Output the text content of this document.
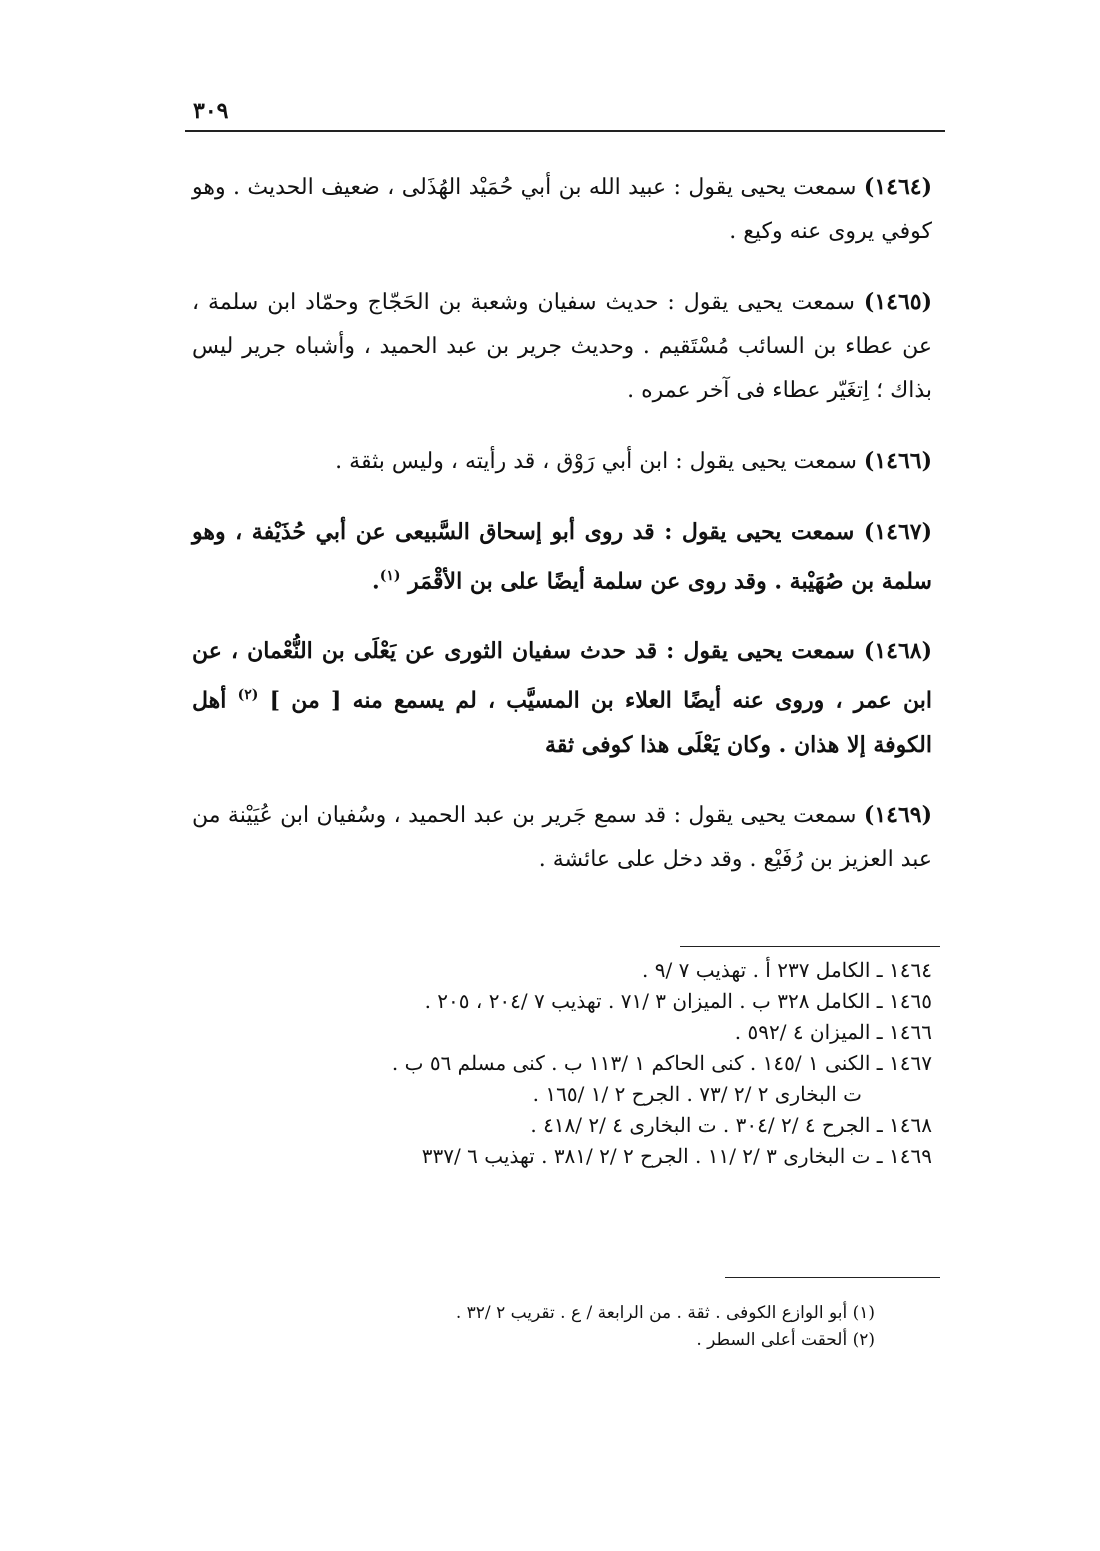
٣٠٩

(١٤٦٤) سمعت يحيى يقول : عبيد الله بن أبي حُمَيْد الهُذَلى ، ضعيف الحديث . وهو كوفي يروى عنه وكيع .

(١٤٦٥) سمعت يحيى يقول : حديث سفيان وشعبة بن الحَجّاج وحمّاد ابن سلمة ، عن عطاء بن السائب مُسْتَقيم . وحديث جرير بن عبد الحميد ، وأشباه جرير ليس بذاك ؛ اِتغَيّر عطاء فى آخر عمره .

(١٤٦٦) سمعت يحيى يقول : ابن أبي رَوْق ، قد رأيته ، وليس بثقة .

(١٤٦٧) سمعت يحيى يقول : قد روى أبو إسحاق السَّبيعى عن أبي حُذَيْفة ، وهو سلمة بن صُهَيْبة . وقد روى عن سلمة أيضًا على بن الأقْمَر $^{(١)}$.

(١٤٦٨) سمعت يحيى يقول : قد حدث سفيان الثورى عن يَعْلَى بن النُّعْمان ، عن ابن عمر ، وروى عنه أيضًا العلاء بن المسيَّب ، لم يسمع منه [ من ] $^{(٢)}$ أهل الكوفة إلا هذان . وكان يَعْلَى هذا كوفى ثقة

(١٤٦٩) سمعت يحيى يقول : قد سمع جَرير بن عبد الحميد ، وسُفيان ابن عُيَيْنة من عبد العزيز بن رُفَيْع . وقد دخل على عائشة .

١٤٦٤ ـ الكامل ٢٣٧ أ . تهذيب ٧ /٩ .
١٤٦٥ ـ الكامل ٣٢٨ ب . الميزان ٣ /٧١ . تهذيب ٧ /٢٠٤ ، ٢٠٥ .
١٤٦٦ ـ الميزان ٤ /٥٩٢ .
١٤٦٧ ـ الكنى ١ /١٤٥ . كنى الحاكم ١ /١١٣ ب . كنى مسلم ٥٦ ب .
ت البخارى ٢ /٢ /٧٣ . الجرح ٢ /١ /١٦٥ .
١٤٦٨ ـ الجرح ٤ /٢ /٣٠٤ . ت البخارى ٤ /٢ /٤١٨ .
١٤٦٩ ـ ت البخارى ٣ /٢ /١١ . الجرح ٢ /٢ /٣٨١ . تهذيب ٦ /٣٣٧
(١) أبو الوازع الكوفى . ثقة . من الرابعة / ع . تقريب ٢ /٣٢ .
(٢) ألحقت أعلى السطر .
